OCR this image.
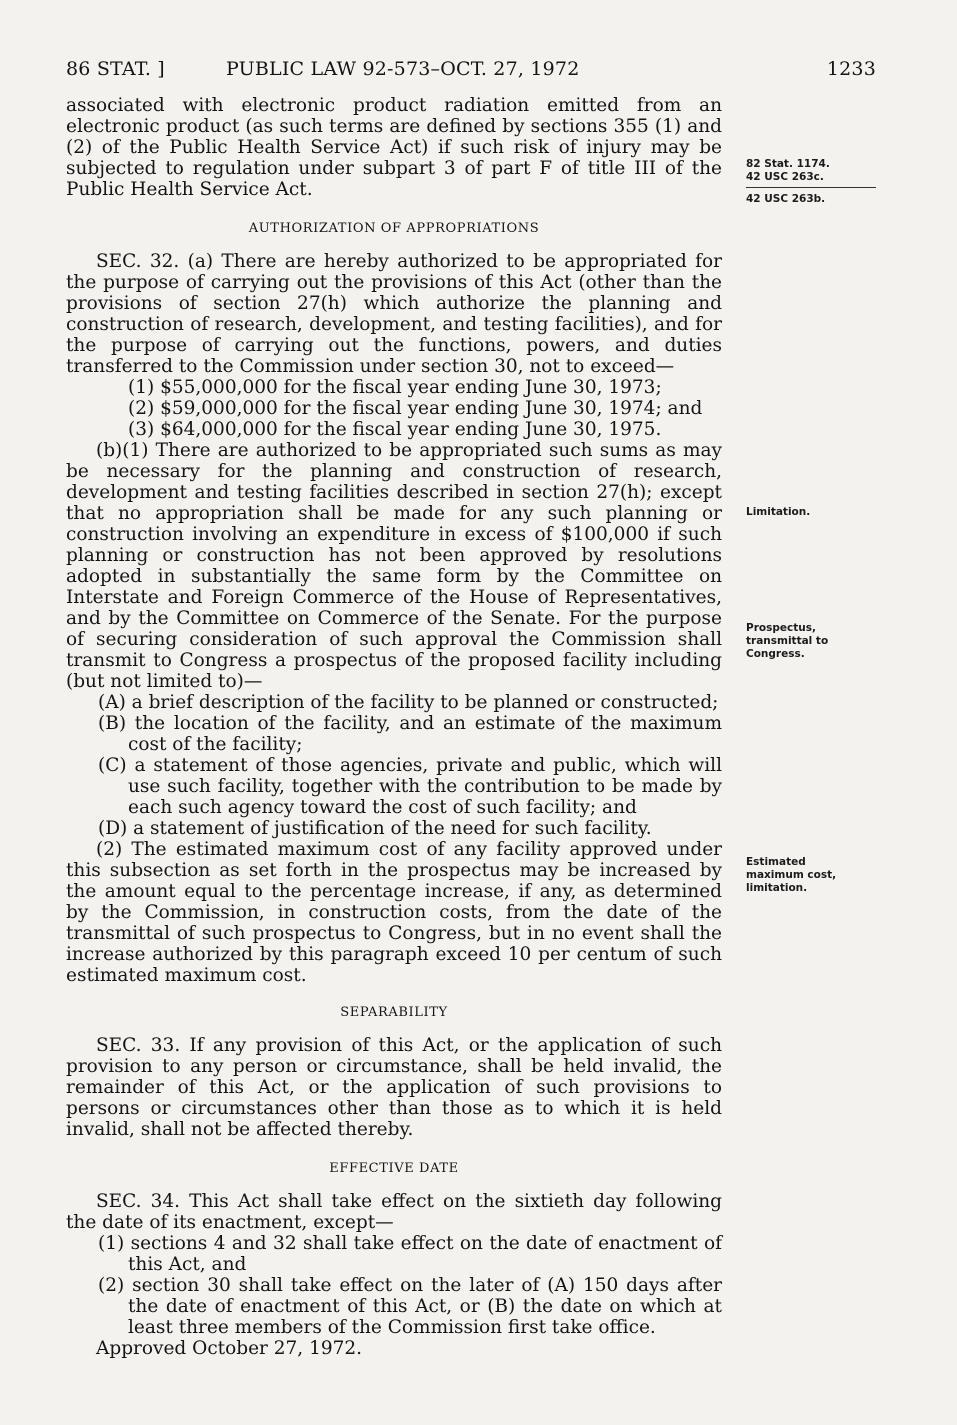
86 STAT. ]	PUBLIC LAW 92-573–OCT. 27, 1972	1233

associated with electronic product radiation emitted from an electronic product (as such terms are defined by sections 355 (1) and (2) of the Public Health Service Act) if such risk of injury may be subjected to regulation under subpart 3 of part F of title III of the Public Health Service Act.

AUTHORIZATION OF APPROPRIATIONS

SEC. 32. (a) There are hereby authorized to be appropriated for the purpose of carrying out the provisions of this Act (other than the provisions of section 27(h) which authorize the planning and construction of research, development, and testing facilities), and for the purpose of carrying out the functions, powers, and duties transferred to the Commission under section 30, not to exceed—

(1) $55,000,000 for the fiscal year ending June 30, 1973;

(2) $59,000,000 for the fiscal year ending June 30, 1974; and

(3) $64,000,000 for the fiscal year ending June 30, 1975.

(b)(1) There are authorized to be appropriated such sums as may be necessary for the planning and construction of research, development and testing facilities described in section 27(h); except that no appropriation shall be made for any such planning or construction involving an expenditure in excess of $100,000 if such planning or construction has not been approved by resolutions adopted in substantially the same form by the Committee on Interstate and Foreign Commerce of the House of Representatives, and by the Committee on Commerce of the Senate. For the purpose of securing consideration of such approval the Commission shall transmit to Congress a prospectus of the proposed facility including (but not limited to)—

(A) a brief description of the facility to be planned or constructed;

(B) the location of the facility, and an estimate of the maximum cost of the facility;

(C) a statement of those agencies, private and public, which will use such facility, together with the contribution to be made by each such agency toward the cost of such facility; and

(D) a statement of justification of the need for such facility.

(2) The estimated maximum cost of any facility approved under this subsection as set forth in the prospectus may be increased by the amount equal to the percentage increase, if any, as determined by the Commission, in construction costs, from the date of the transmittal of such prospectus to Congress, but in no event shall the increase authorized by this paragraph exceed 10 per centum of such estimated maximum cost.

SEPARABILITY

SEC. 33. If any provision of this Act, or the application of such provision to any person or circumstance, shall be held invalid, the remainder of this Act, or the application of such provisions to persons or circumstances other than those as to which it is held invalid, shall not be affected thereby.

EFFECTIVE DATE

SEC. 34. This Act shall take effect on the sixtieth day following the date of its enactment, except—

(1) sections 4 and 32 shall take effect on the date of enactment of this Act, and

(2) section 30 shall take effect on the later of (A) 150 days after the date of enactment of this Act, or (B) the date on which at least three members of the Commission first take office.

Approved October 27, 1972.

82 Stat. 1174.
42 USC 263c.
42 USC 263b.
Limitation.
Prospectus, transmittal to Congress.
Estimated maximum cost, limitation.
